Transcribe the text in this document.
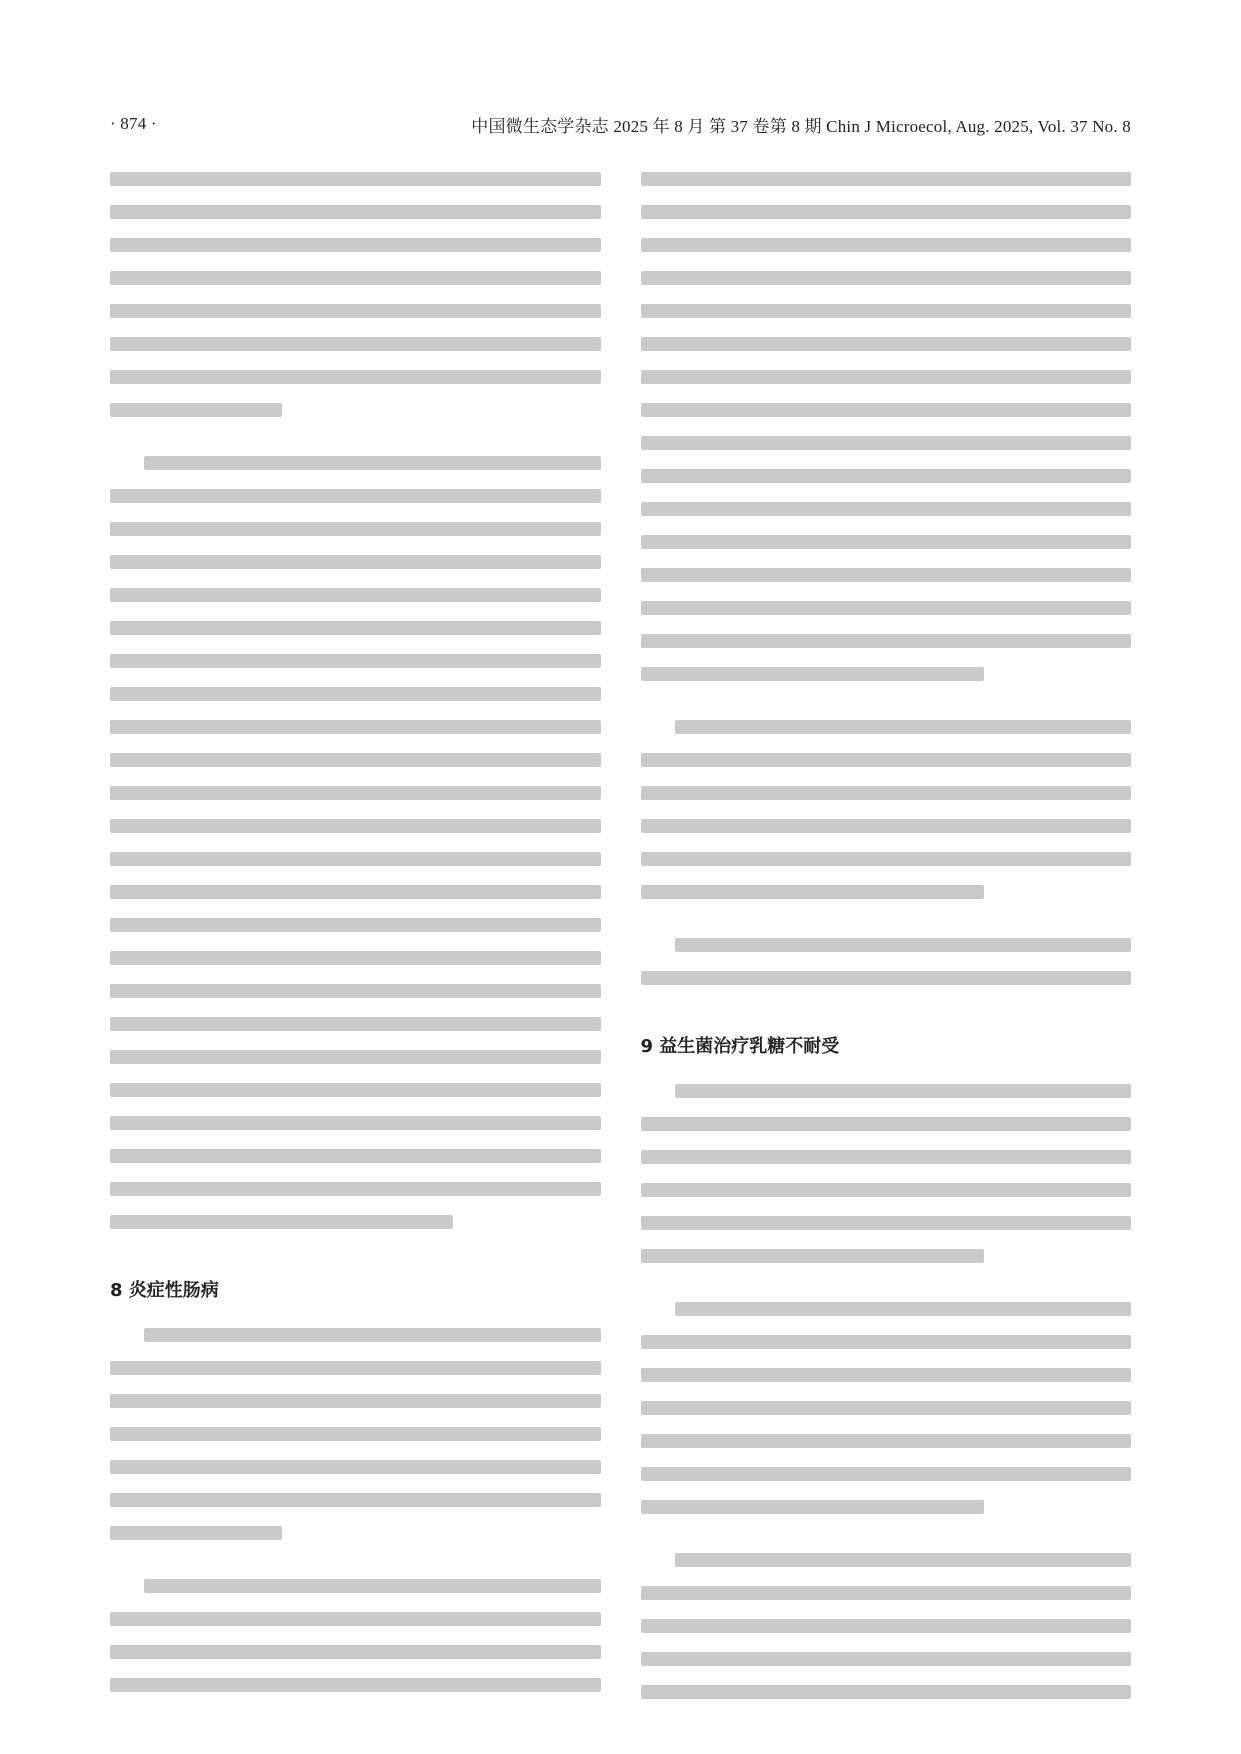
· 874 ·	中国微生态学杂志 2025 年 8 月 第 37 卷第 8 期 Chin J Microecol, Aug. 2025, Vol. 37 No. 8
8 炎症性肠病
9 益生菌治疗乳糖不耐受
